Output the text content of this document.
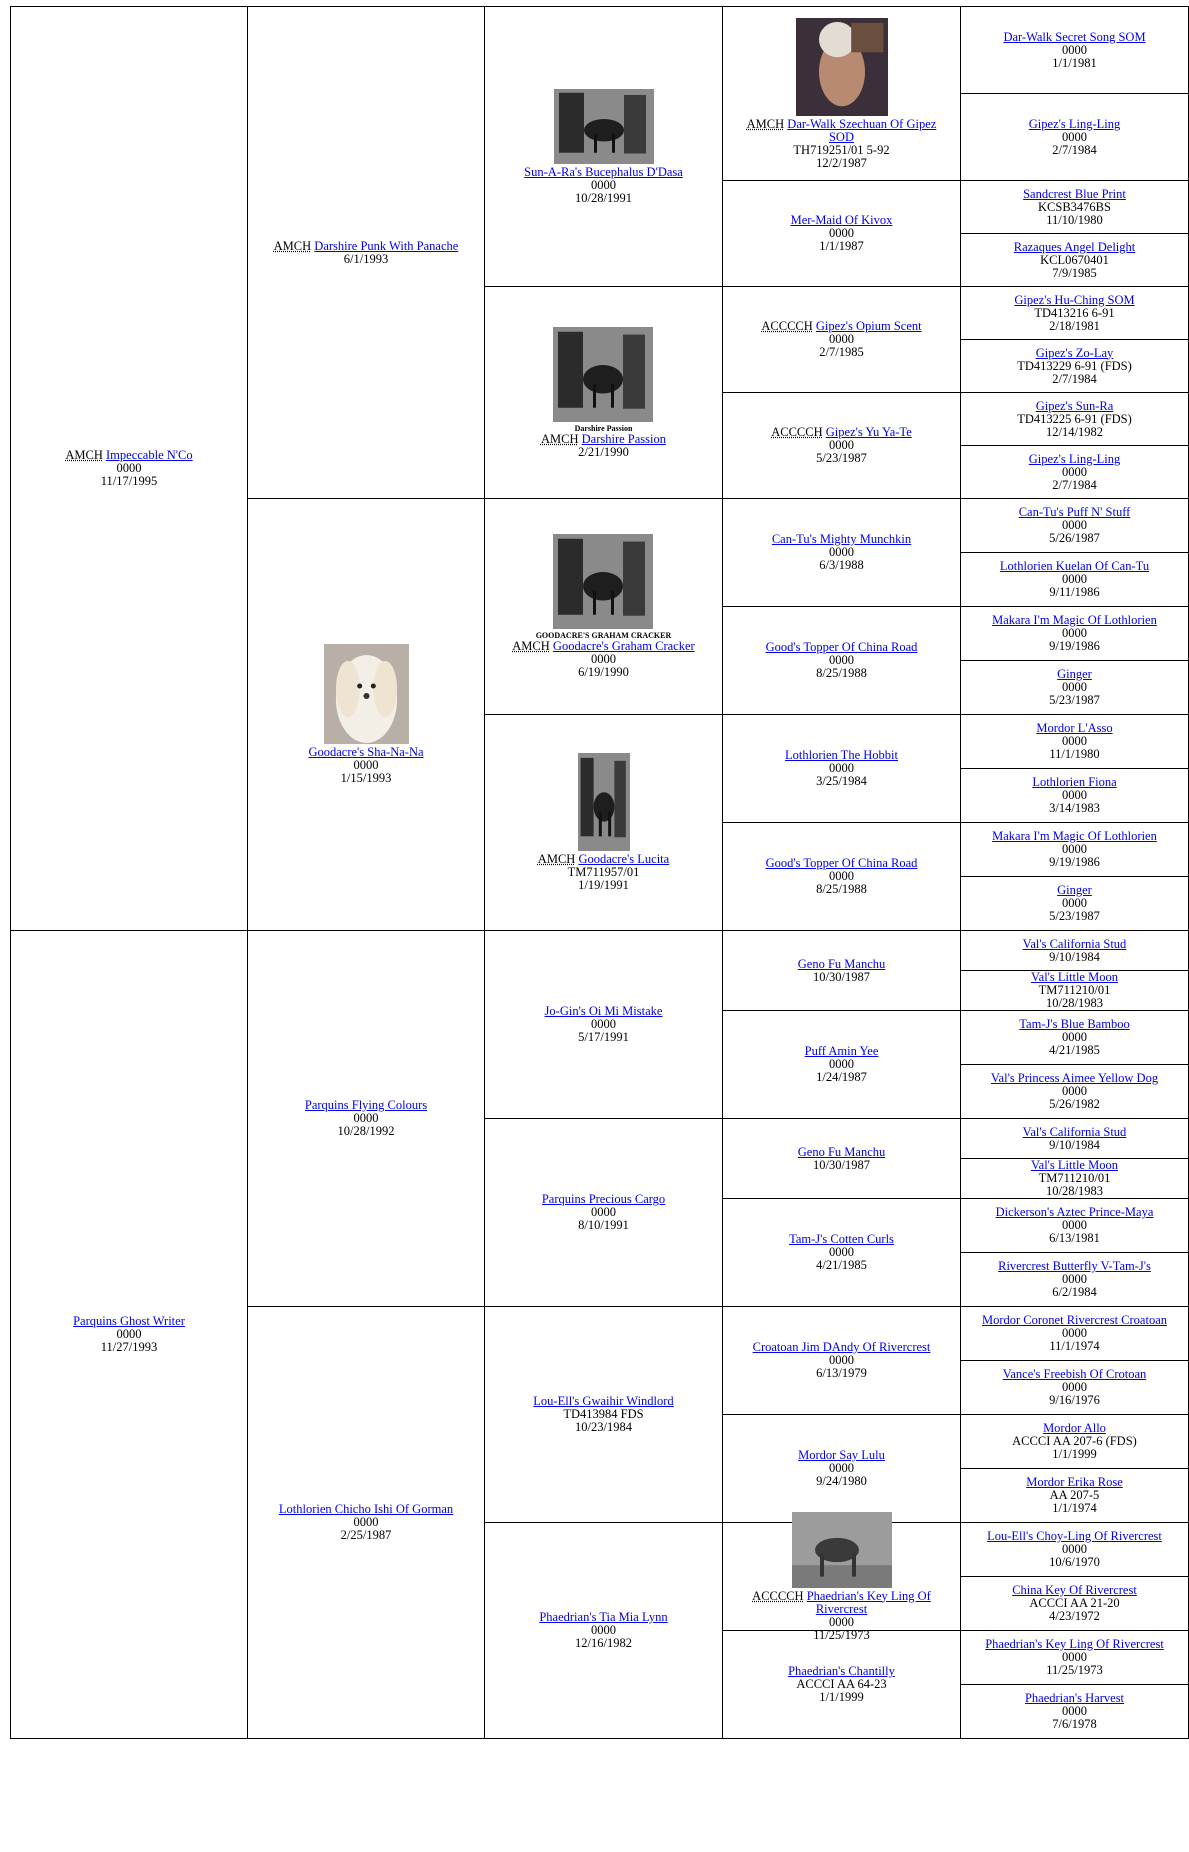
AMCH Impeccable N'Co
0000
11/17/1995
AMCH Darshire Punk With Panache
6/1/1993
Sun-A-Ra's Bucephalus D'Dasa
0000
10/28/1991
AMCH Dar-Walk Szechuan Of Gipez SOD
TH719251/01 5-92
12/2/1987
Dar-Walk Secret Song SOM
0000
1/1/1981
Gipez's Ling-Ling
0000
2/7/1984
Mer-Maid Of Kivox
0000
1/1/1987
Sandcrest Blue Print
KCSB3476BS
11/10/1980
Razaques Angel Delight
KCL0670401
7/9/1985
Darshire Passion
AMCH Darshire Passion
2/21/1990
ACCCCH Gipez's Opium Scent
0000
2/7/1985
Gipez's Hu-Ching SOM
TD413216 6-91
2/18/1981
Gipez's Zo-Lay
TD413229 6-91 (FDS)
2/7/1984
ACCCCH Gipez's Yu Ya-Te
0000
5/23/1987
Gipez's Sun-Ra
TD413225 6-91 (FDS)
12/14/1982
Gipez's Ling-Ling
0000
2/7/1984
Goodacre's Sha-Na-Na
0000
1/15/1993
GOODACRE'S GRAHAM CRACKER
AMCH Goodacre's Graham Cracker
0000
6/19/1990
Can-Tu's Mighty Munchkin
0000
6/3/1988
Can-Tu's Puff N' Stuff
0000
5/26/1987
Lothlorien Kuelan Of Can-Tu
0000
9/11/1986
Good's Topper Of China Road
0000
8/25/1988
Makara I'm Magic Of Lothlorien
0000
9/19/1986
Ginger
0000
5/23/1987
AMCH Goodacre's Lucita
TM711957/01
1/19/1991
Lothlorien The Hobbit
0000
3/25/1984
Mordor L'Asso
0000
11/1/1980
Lothlorien Fiona
0000
3/14/1983
Good's Topper Of China Road
0000
8/25/1988
Makara I'm Magic Of Lothlorien
0000
9/19/1986
Ginger
0000
5/23/1987
Parquins Ghost Writer
0000
11/27/1993
Parquins Flying Colours
0000
10/28/1992
Jo-Gin's Oi Mi Mistake
0000
5/17/1991
Geno Fu Manchu
10/30/1987
Val's California Stud
9/10/1984
Val's Little Moon
TM711210/01
10/28/1983
Puff Amin Yee
0000
1/24/1987
Tam-J's Blue Bamboo
0000
4/21/1985
Val's Princess Aimee Yellow Dog
0000
5/26/1982
Parquins Precious Cargo
0000
8/10/1991
Geno Fu Manchu
10/30/1987
Val's California Stud
9/10/1984
Val's Little Moon
TM711210/01
10/28/1983
Tam-J's Cotten Curls
0000
4/21/1985
Dickerson's Aztec Prince-Maya
0000
6/13/1981
Rivercrest Butterfly V-Tam-J's
0000
6/2/1984
Lothlorien Chicho Ishi Of Gorman
0000
2/25/1987
Lou-Ell's Gwaihir Windlord
TD413984 FDS
10/23/1984
Croatoan Jim DAndy Of Rivercrest
0000
6/13/1979
Mordor Coronet Rivercrest Croatoan
0000
11/1/1974
Vance's Freebish Of Crotoan
0000
9/16/1976
Mordor Say Lulu
0000
9/24/1980
Mordor Allo
ACCCI AA 207-6 (FDS)
1/1/1999
Mordor Erika Rose
AA 207-5
1/1/1974
Phaedrian's Tia Mia Lynn
0000
12/16/1982
ACCCCH Phaedrian's Key Ling Of Rivercrest
0000
11/25/1973
Lou-Ell's Choy-Ling Of Rivercrest
0000
10/6/1970
China Key Of Rivercrest
ACCCI AA 21-20
4/23/1972
Phaedrian's Chantilly
ACCCI AA 64-23
1/1/1999
Phaedrian's Key Ling Of Rivercrest
0000
11/25/1973
Phaedrian's Harvest
0000
7/6/1978
